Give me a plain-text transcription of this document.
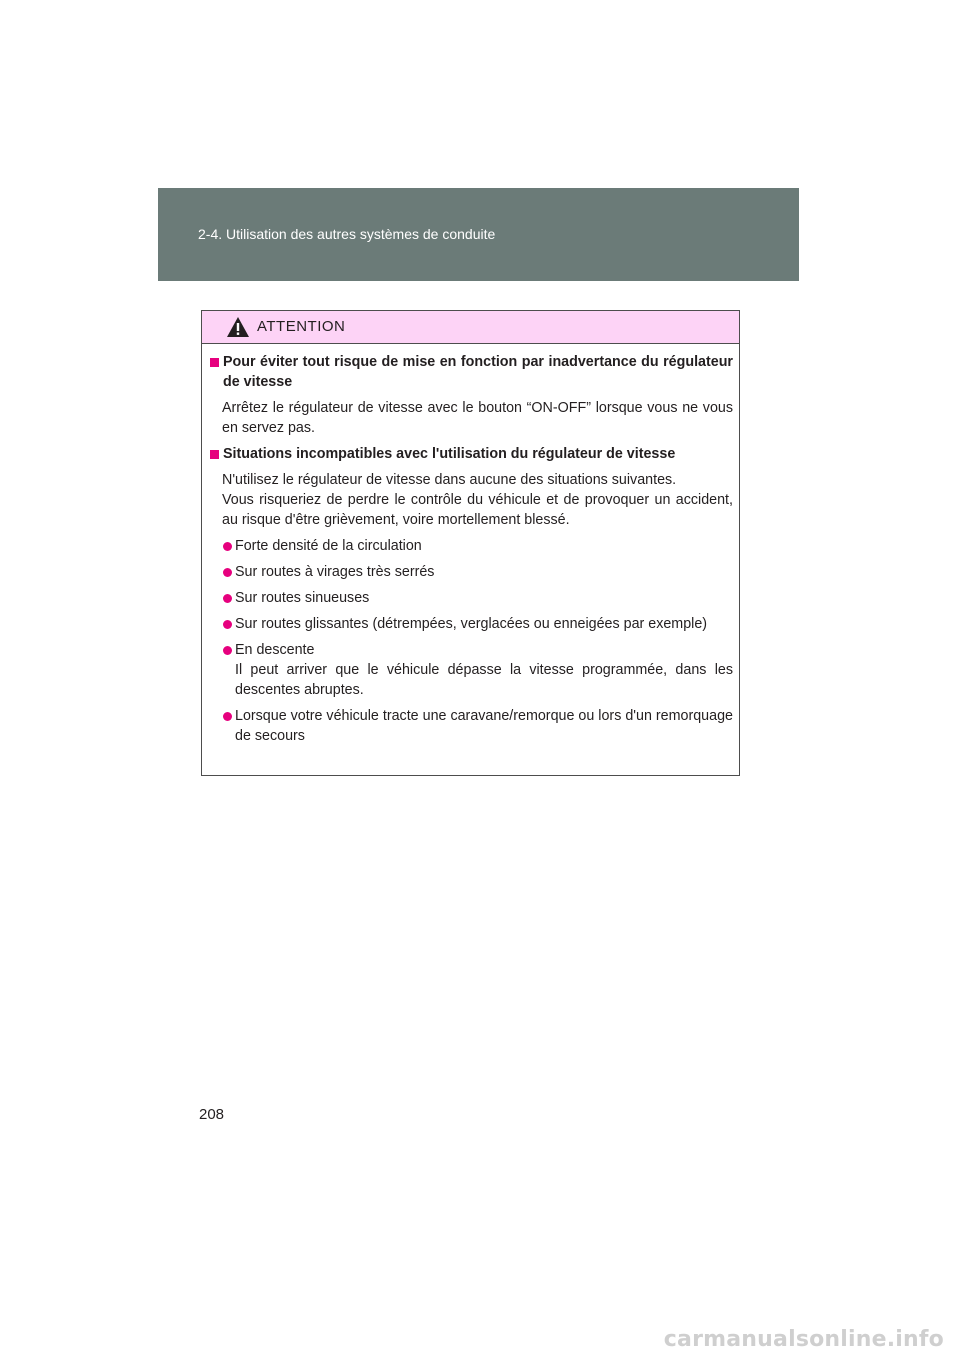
2-4. Utilisation des autres systèmes de conduite
ATTENTION
Pour éviter tout risque de mise en fonction par inadvertance du régulateur de vitesse
Arrêtez le régulateur de vitesse avec le bouton “ON-OFF” lorsque vous ne vous en servez pas.
Situations incompatibles avec l'utilisation du régulateur de vitesse
N'utilisez le régulateur de vitesse dans aucune des situations suivantes.
Vous risqueriez de perdre le contrôle du véhicule et de provoquer un accident, au risque d'être grièvement, voire mortellement blessé.
Forte densité de la circulation
Sur routes à virages très serrés
Sur routes sinueuses
Sur routes glissantes (détrempées, verglacées ou enneigées par exemple)
En descente
Il peut arriver que le véhicule dépasse la vitesse programmée, dans les descentes abruptes.
Lorsque votre véhicule tracte une caravane/remorque ou lors d'un remorquage de secours
208
carmanualsonline.info
